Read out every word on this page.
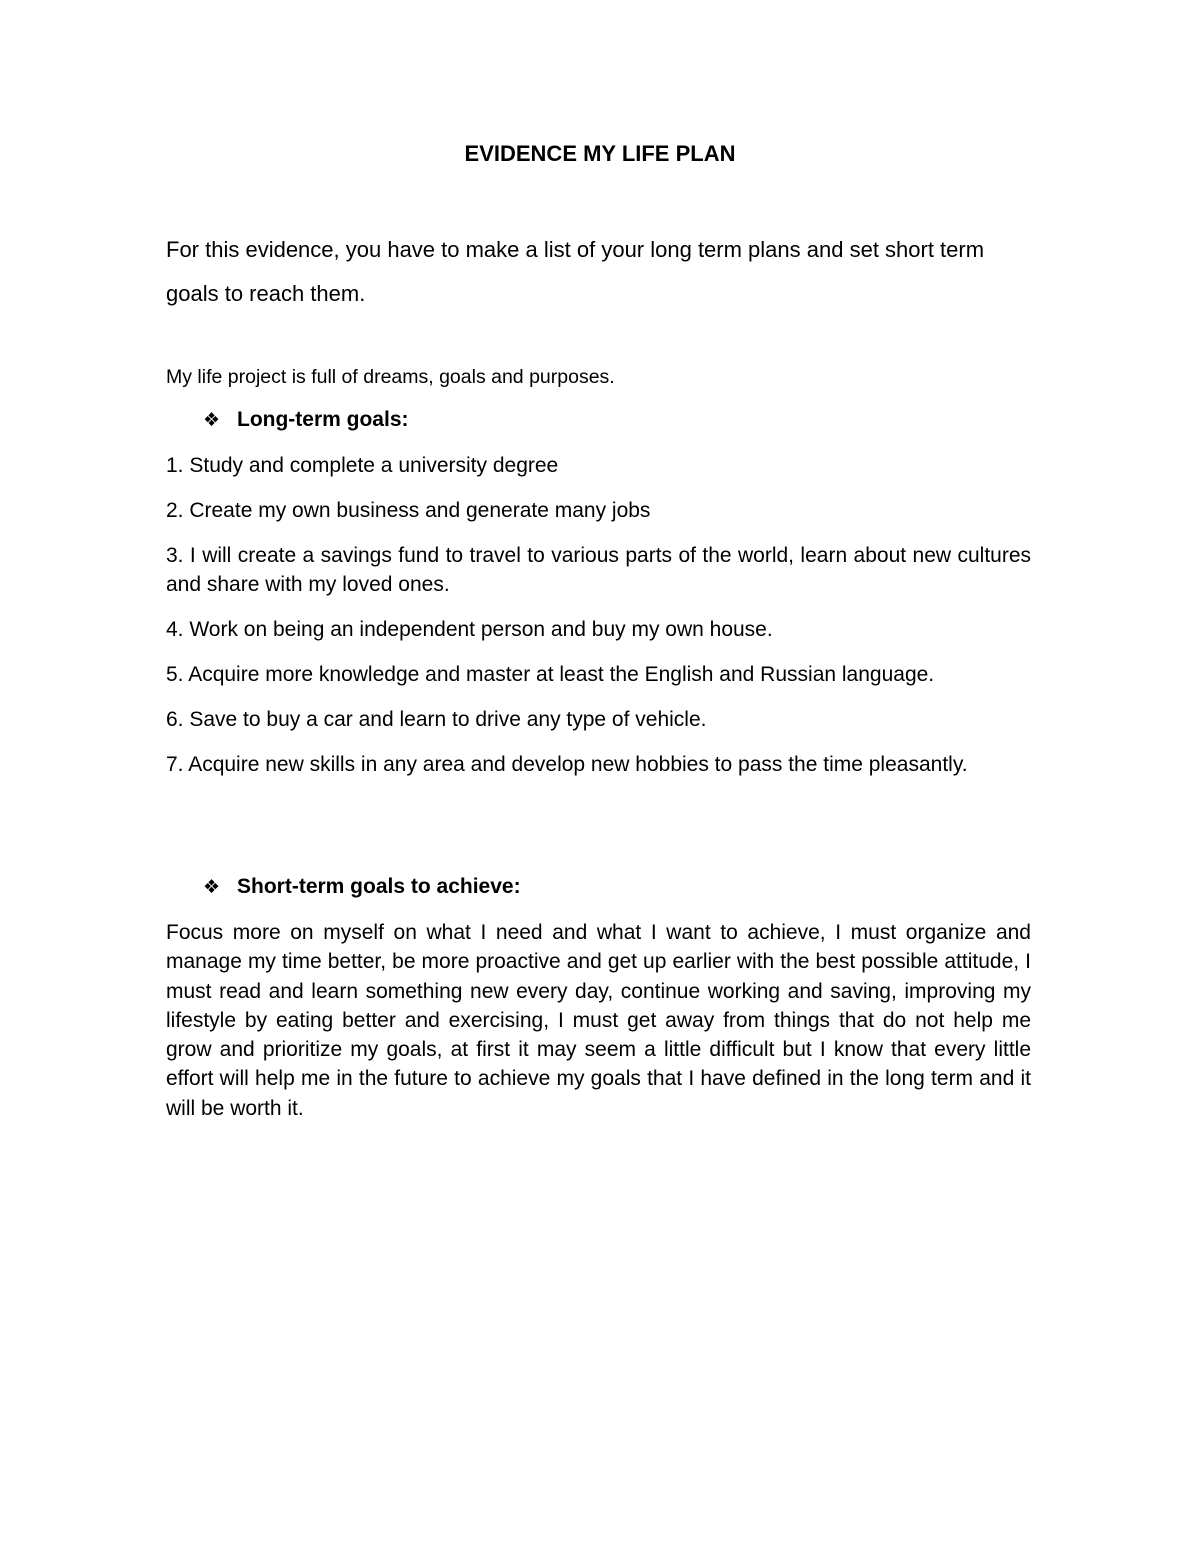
EVIDENCE MY LIFE PLAN
For this evidence, you have to make a list of your long term plans and set short term goals to reach them.
My life project is full of dreams, goals and purposes.
❖ Long-term goals:
1. Study and complete a university degree
2. Create my own business and generate many jobs
3. I will create a savings fund to travel to various parts of the world, learn about new cultures and share with my loved ones.
4. Work on being an independent person and buy my own house.
5. Acquire more knowledge and master at least the English and Russian language.
6. Save to buy a car and learn to drive any type of vehicle.
7. Acquire new skills in any area and develop new hobbies to pass the time pleasantly.
❖ Short-term goals to achieve:
Focus more on myself on what I need and what I want to achieve, I must organize and manage my time better, be more proactive and get up earlier with the best possible attitude, I must read and learn something new every day, continue working and saving, improving my lifestyle by eating better and exercising, I must get away from things that do not help me grow and prioritize my goals, at first it may seem a little difficult but I know that every little effort will help me in the future to achieve my goals that I have defined in the long term and it will be worth it.
